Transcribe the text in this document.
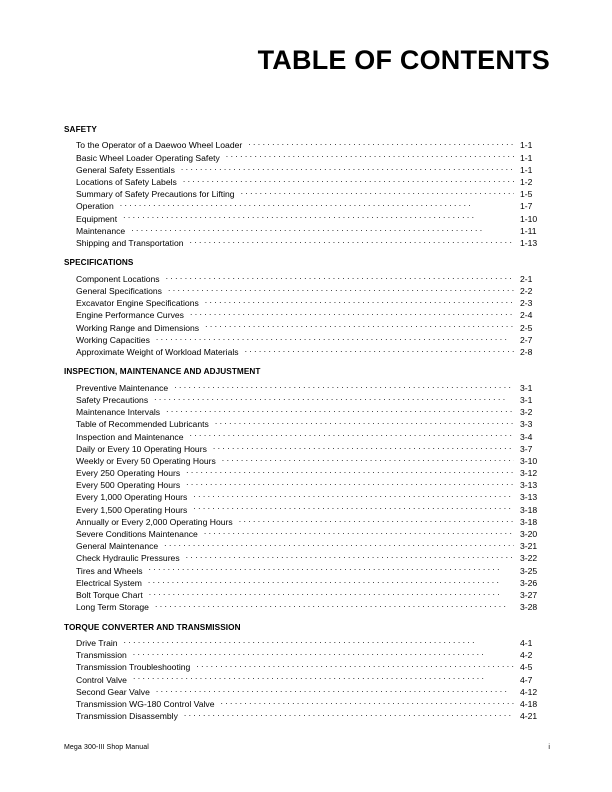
TABLE OF CONTENTS
SAFETY
To the Operator of a Daewoo Wheel Loader . . .	1-1
Basic Wheel Loader Operating Safety . . .	1-1
General Safety Essentials . . .	1-1
Locations of Safety Labels . . .	1-2
Summary of Safety Precautions for Lifting . . .	1-5
Operation . . .	1-7
Equipment . . .	1-10
Maintenance . . .	1-11
Shipping and Transportation . . .	1-13
SPECIFICATIONS
Component Locations . . .	2-1
General Specifications . . .	2-2
Excavator Engine Specifications . . .	2-3
Engine Performance Curves . . .	2-4
Working Range and Dimensions . . .	2-5
Working Capacities . . .	2-7
Approximate Weight of Workload Materials . . .	2-8
INSPECTION, MAINTENANCE AND ADJUSTMENT
Preventive Maintenance . . .	3-1
Safety Precautions . . .	3-1
Maintenance Intervals . . .	3-2
Table of Recommended Lubricants . . .	3-3
Inspection and Maintenance . . .	3-4
Daily or Every 10 Operating Hours . . .	3-7
Weekly or Every 50 Operating Hours . . .	3-10
Every 250 Operating Hours . . .	3-12
Every 500 Operating Hours . . .	3-13
Every 1,000 Operating Hours . . .	3-13
Every 1,500 Operating Hours . . .	3-18
Annually or Every 2,000 Operating Hours . . .	3-18
Severe Conditions Maintenance . . .	3-20
General Maintenance . . .	3-21
Check Hydraulic Pressures . . .	3-22
Tires and Wheels . . .	3-25
Electrical System . . .	3-26
Bolt Torque Chart . . .	3-27
Long Term Storage . . .	3-28
TORQUE CONVERTER AND TRANSMISSION
Drive Train . . .	4-1
Transmission . . .	4-2
Transmission Troubleshooting . . .	4-5
Control Valve . . .	4-7
Second Gear Valve . . .	4-12
Transmission WG-180 Control Valve . . .	4-18
Transmission Disassembly . . .	4-21
Mega 300-III Shop Manual	i
